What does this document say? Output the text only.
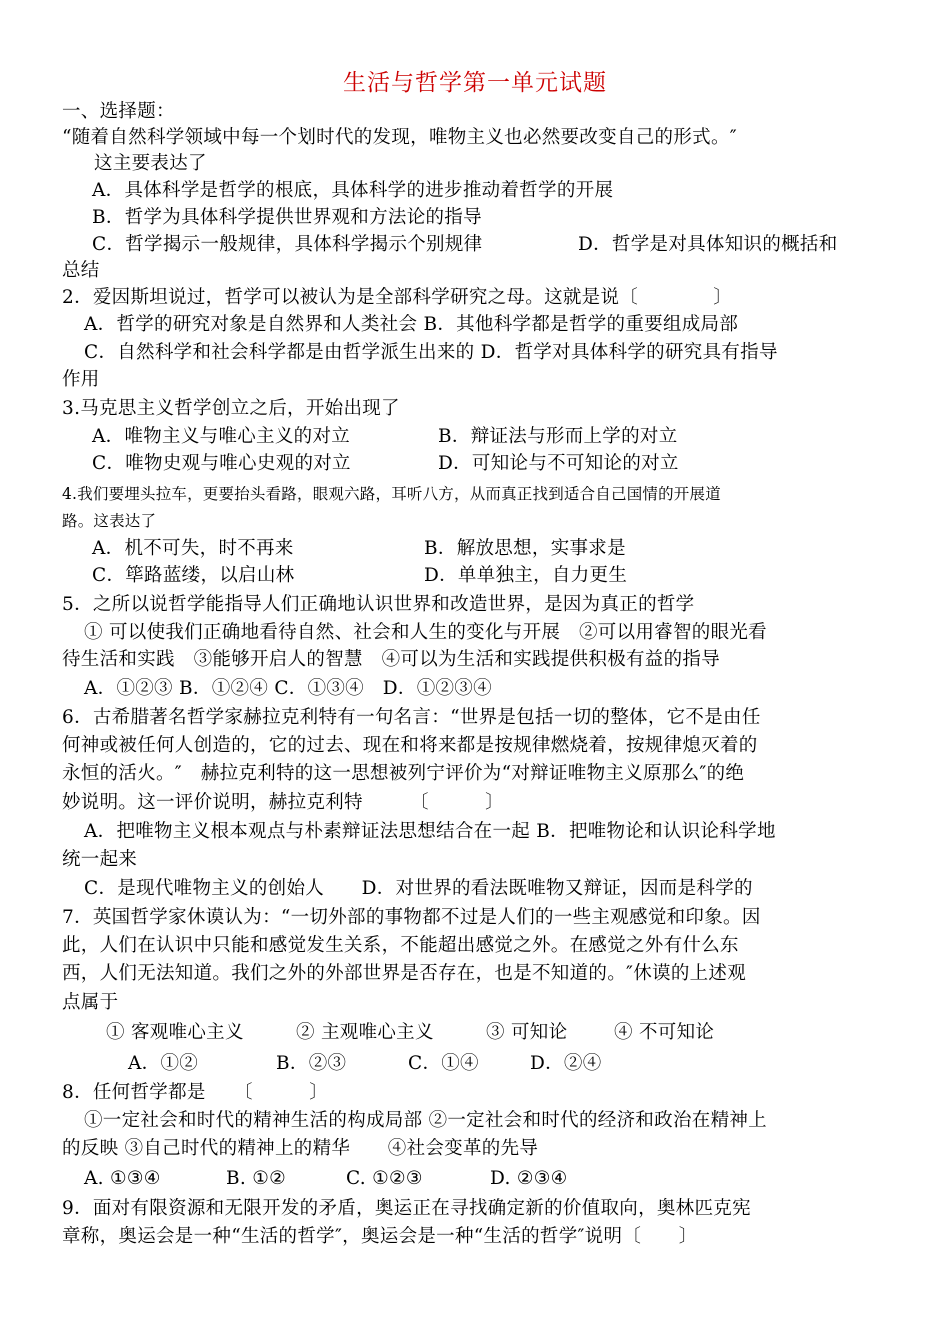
生活与哲学第一单元试题
一、选择题：
“随着自然科学领域中每一个划时代的发现，唯物主义也必然要改变自己的形式。″
这主要表达了
A．具体科学是哲学的根底，具体科学的进步推动着哲学的开展
B．哲学为具体科学提供世界观和方法论的指导
C．哲学揭示一般规律，具体科学揭示个别规律	D．哲学是对具体知识的概括和
总结
2．爱因斯坦说过，哲学可以被认为是全部科学研究之母。这就是说〔　　　　〕
A．哲学的研究对象是自然界和人类社会 B．其他科学都是哲学的重要组成局部
C．自然科学和社会科学都是由哲学派生出来的 D．哲学对具体科学的研究具有指导
作用
3.马克思主义哲学创立之后，开始出现了
A．唯物主义与唯心主义的对立	B．辩证法与形而上学的对立
C．唯物史观与唯心史观的对立	D．可知论与不可知论的对立
4.我们要埋头拉车，更要抬头看路，眼观六路，耳听八方，从而真正找到适合自己国情的开展道
路。这表达了
A．机不可失，时不再来	B．解放思想，实事求是
C．筚路蓝缕，以启山林	D．单单独主，自力更生
5．之所以说哲学能指导人们正确地认识世界和改造世界，是因为真正的哲学
① 可以使我们正确地看待自然、社会和人生的变化与开展　②可以用睿智的眼光看
待生活和实践　③能够开启人的智慧　④可以为生活和实践提供积极有益的指导
A．①②③ B．①②④ C．①③④　D．①②③④
6．古希腊著名哲学家赫拉克利特有一句名言：“世界是包括一切的整体，它不是由任
何神或被任何人创造的，它的过去、现在和将来都是按规律燃烧着，按规律熄灭着的
永恒的活火。″　赫拉克利特的这一思想被列宁评价为“对辩证唯物主义原那么″的绝
妙说明。这一评价说明，赫拉克利特　　　〔　　　〕
A．把唯物主义根本观点与朴素辩证法思想结合在一起 B．把唯物论和认识论科学地
统一起来
C．是现代唯物主义的创始人　　D．对世界的看法既唯物又辩证，因而是科学的
7．英国哲学家休谟认为：“一切外部的事物都不过是人们的一些主观感觉和印象。因
此，人们在认识中只能和感觉发生关系，不能超出感觉之外。在感觉之外有什么东
西，人们无法知道。我们之外的外部世界是否存在，也是不知道的。″休谟的上述观
点属于
① 客观唯心主义	② 主观唯心主义	③ 可知论	④ 不可知论
A．①②	B．②③	C．①④	D．②④
8．任何哲学都是　　〔　　　〕
①一定社会和时代的精神生活的构成局部 ②一定社会和时代的经济和政治在精神上
的反映 ③自己时代的精神上的精华　　④社会变革的先导
A. ①③④	B. ①②	C. ①②③	D. ②③④
9．面对有限资源和无限开发的矛盾，奥运正在寻找确定新的价值取向，奥林匹克宪
章称，奥运会是一种“生活的哲学″，奥运会是一种“生活的哲学″说明〔　　〕
